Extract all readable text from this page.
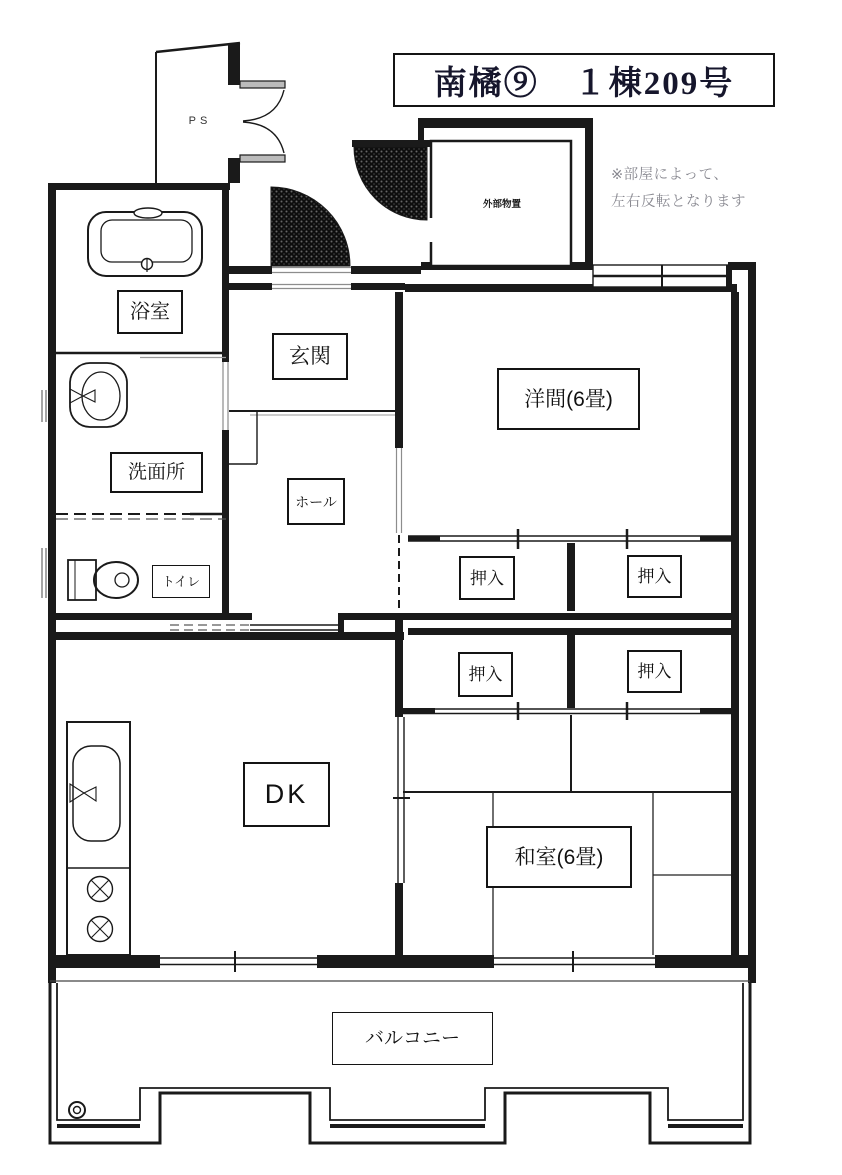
南橘⑨　１棟209号
※部屋によって、
左右反転となります
PS
外部物置
浴室
玄関
洗面所
ホール
トイレ
洋間(6畳)
押入	押入
押入	押入
DK
和室(6畳)
バルコニー
